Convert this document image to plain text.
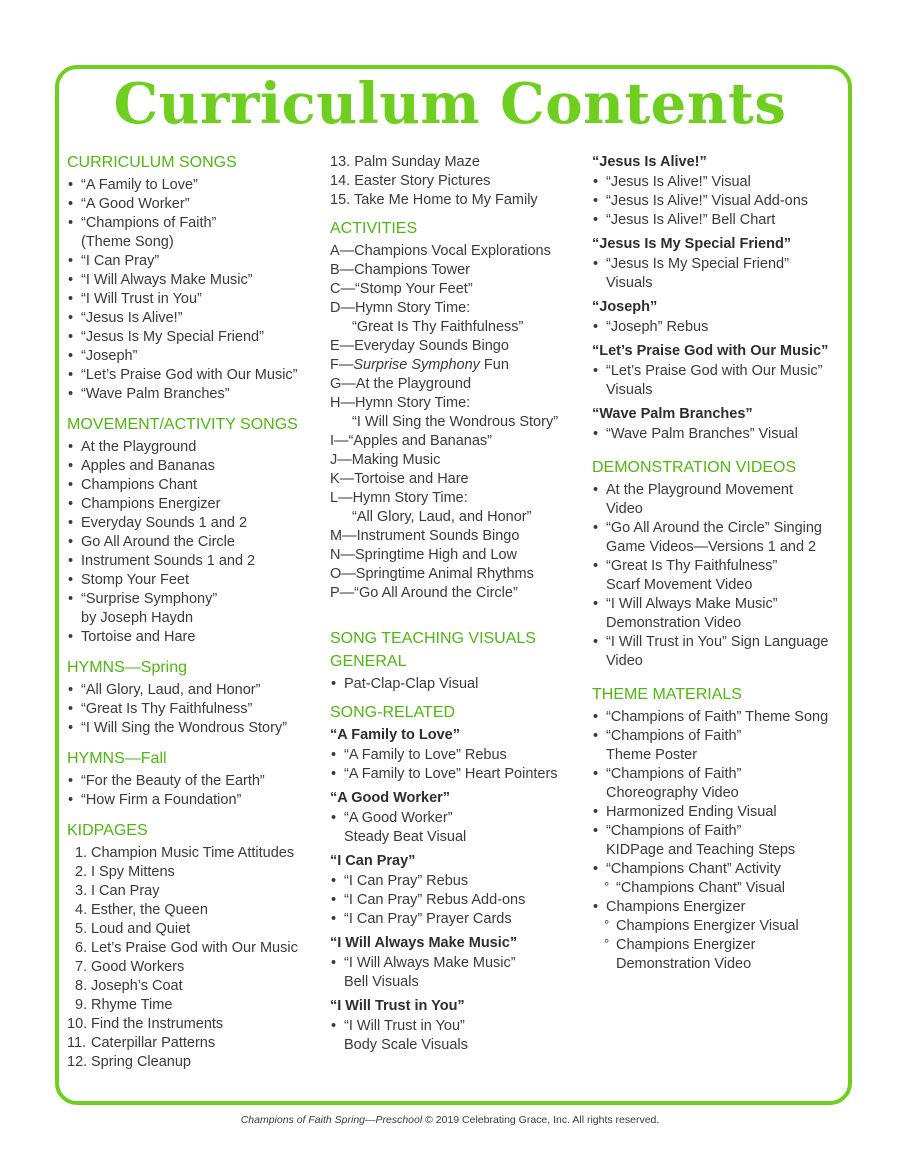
Curriculum Contents
CURRICULUM SONGS
• “A Family to Love”
• “A Good Worker”
• “Champions of Faith”
(Theme Song)
• “I Can Pray”
• “I Will Always Make Music”
• “I Will Trust in You”
• “Jesus Is Alive!”
• “Jesus Is My Special Friend”
• “Joseph”
• “Let’s Praise God with Our Music”
• “Wave Palm Branches”
MOVEMENT/ACTIVITY SONGS
• At the Playground
• Apples and Bananas
• Champions Chant
• Champions Energizer
• Everyday Sounds 1 and 2
• Go All Around the Circle
• Instrument Sounds 1 and 2
• Stomp Your Feet
• “Surprise Symphony”
by Joseph Haydn
• Tortoise and Hare
HYMNS—Spring
• “All Glory, Laud, and Honor”
• “Great Is Thy Faithfulness”
• “I Will Sing the Wondrous Story”
HYMNS—Fall
• “For the Beauty of the Earth”
• “How Firm a Foundation”
KIDPAGES
1. Champion Music Time Attitudes
2. I Spy Mittens
3. I Can Pray
4. Esther, the Queen
5. Loud and Quiet
6. Let’s Praise God with Our Music
7. Good Workers
8. Joseph’s Coat
9. Rhyme Time
10. Find the Instruments
11. Caterpillar Patterns
12. Spring Cleanup
13. Palm Sunday Maze
14. Easter Story Pictures
15. Take Me Home to My Family
ACTIVITIES
A—Champions Vocal Explorations
B—Champions Tower
C—“Stomp Your Feet”
D—Hymn Story Time:
“Great Is Thy Faithfulness”
E—Everyday Sounds Bingo
F—Surprise Symphony Fun
G—At the Playground
H—Hymn Story Time:
“I Will Sing the Wondrous Story”
I—“Apples and Bananas”
J—Making Music
K—Tortoise and Hare
L—Hymn Story Time:
“All Glory, Laud, and Honor”
M—Instrument Sounds Bingo
N—Springtime High and Low
O—Springtime Animal Rhythms
P—“Go All Around the Circle”
SONG TEACHING VISUALS
GENERAL
• Pat-Clap-Clap Visual
SONG-RELATED
“A Family to Love”
• “A Family to Love” Rebus
• “A Family to Love” Heart Pointers
“A Good Worker”
• “A Good Worker”
Steady Beat Visual
“I Can Pray”
• “I Can Pray” Rebus
• “I Can Pray” Rebus Add-ons
• “I Can Pray” Prayer Cards
“I Will Always Make Music”
• “I Will Always Make Music”
Bell Visuals
“I Will Trust in You”
• “I Will Trust in You”
Body Scale Visuals
“Jesus Is Alive!”
• “Jesus Is Alive!” Visual
• “Jesus Is Alive!” Visual Add-ons
• “Jesus Is Alive!” Bell Chart
“Jesus Is My Special Friend”
• “Jesus Is My Special Friend”
Visuals
“Joseph”
• “Joseph” Rebus
“Let’s Praise God with Our Music”
• “Let’s Praise God with Our Music”
Visuals
“Wave Palm Branches”
• “Wave Palm Branches” Visual
DEMONSTRATION VIDEOS
• At the Playground Movement
Video
• “Go All Around the Circle” Singing
Game Videos—Versions 1 and 2
• “Great Is Thy Faithfulness”
Scarf Movement Video
• “I Will Always Make Music”
Demonstration Video
• “I Will Trust in You” Sign Language
Video
THEME MATERIALS
• “Champions of Faith” Theme Song
• “Champions of Faith”
Theme Poster
• “Champions of Faith”
Choreography Video
• Harmonized Ending Visual
• “Champions of Faith”
KIDPage and Teaching Steps
• “Champions Chant” Activity
° “Champions Chant” Visual
• Champions Energizer
° Champions Energizer Visual
° Champions Energizer
Demonstration Video

Champions of Faith Spring—Preschool © 2019 Celebrating Grace, Inc. All rights reserved.
